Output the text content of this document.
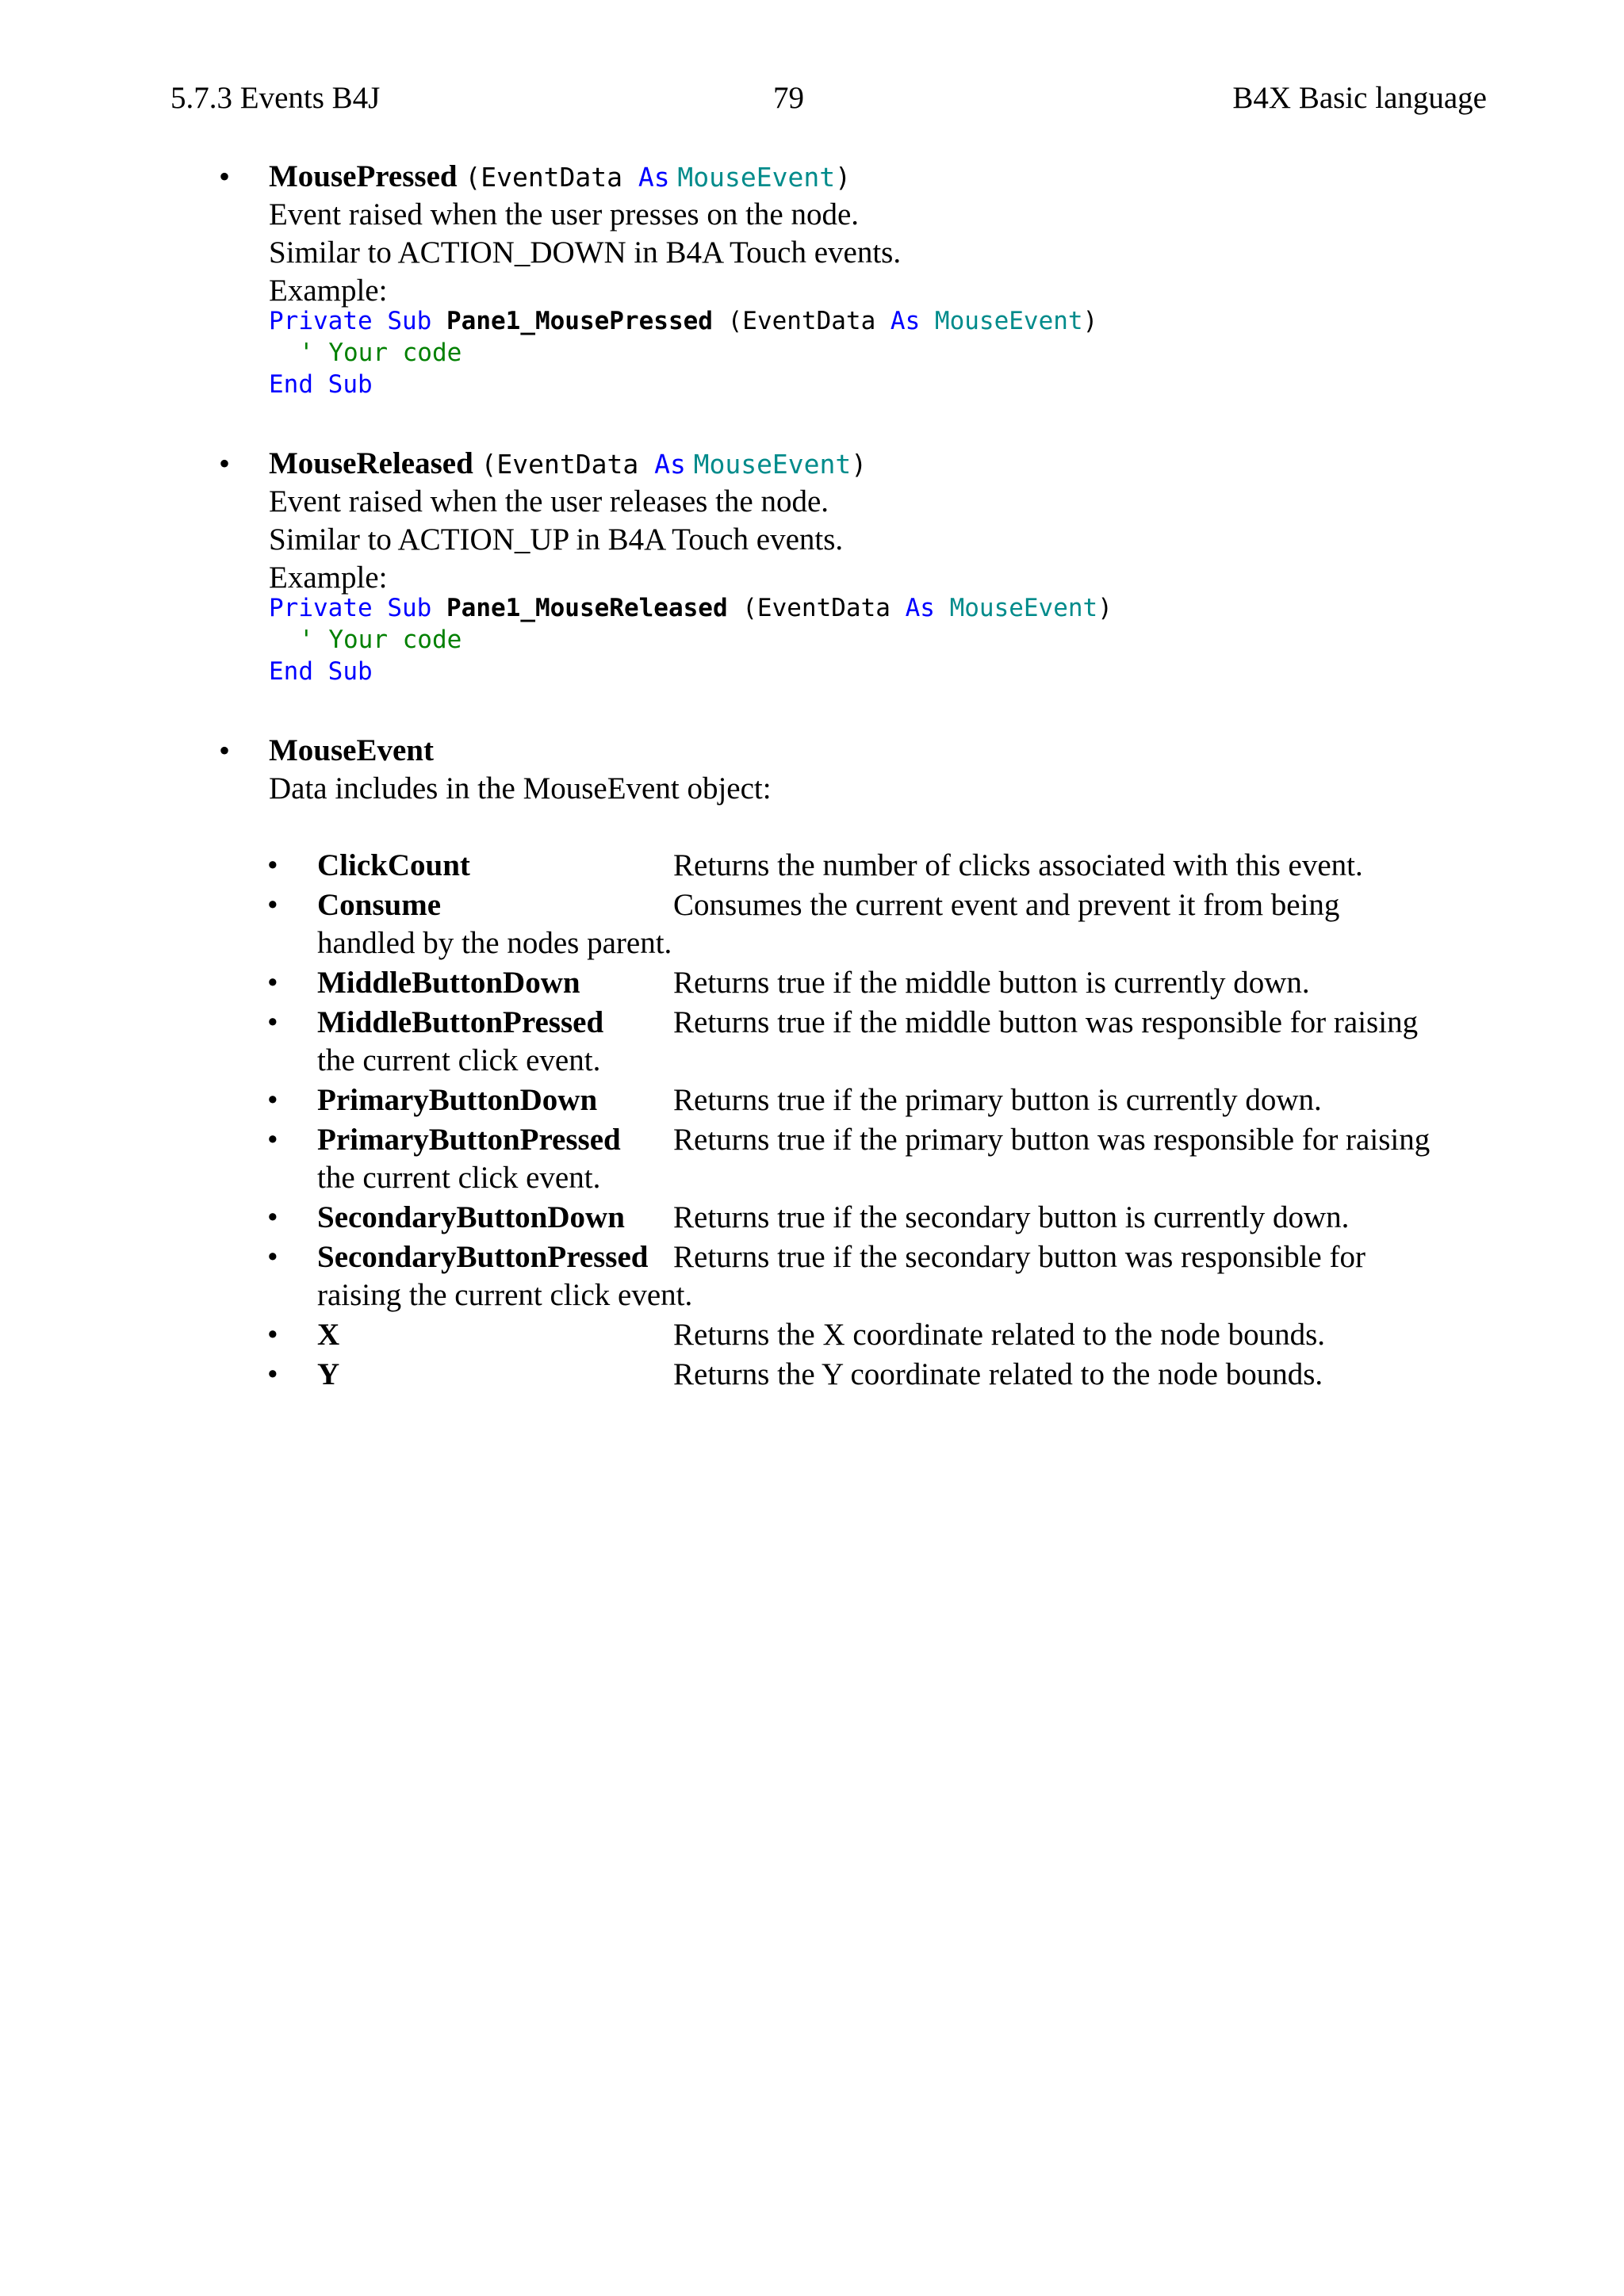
5.7.3 Events B4J	79	B4X Basic language
• MousePressed (EventData As MouseEvent)
Event raised when the user presses on the node.
Similar to ACTION_DOWN in B4A Touch events.
Example:
Private Sub Pane1_MousePressed (EventData As MouseEvent)
' Your code
End Sub
• MouseReleased (EventData As MouseEvent)
Event raised when the user releases the node.
Similar to ACTION_UP in B4A Touch events.
Example:
Private Sub Pane1_MouseReleased (EventData As MouseEvent)
' Your code
End Sub
• MouseEvent
Data includes in the MouseEvent object:
• ClickCount	Returns the number of clicks associated with this event.
• Consume	Consumes the current event and prevent it from being
handled by the nodes parent.
• MiddleButtonDown	Returns true if the middle button is currently down.
• MiddleButtonPressed Returns true if the middle button was responsible for raising
the current click event.
• PrimaryButtonDown Returns true if the primary button is currently down.
• PrimaryButtonPressed Returns true if the primary button was responsible for raising
the current click event.
• SecondaryButtonDown Returns true if the secondary button is currently down.
• SecondaryButtonPressed Returns true if the secondary button was responsible for
raising the current click event.
• X	Returns the X coordinate related to the node bounds.
• Y	Returns the Y coordinate related to the node bounds.
